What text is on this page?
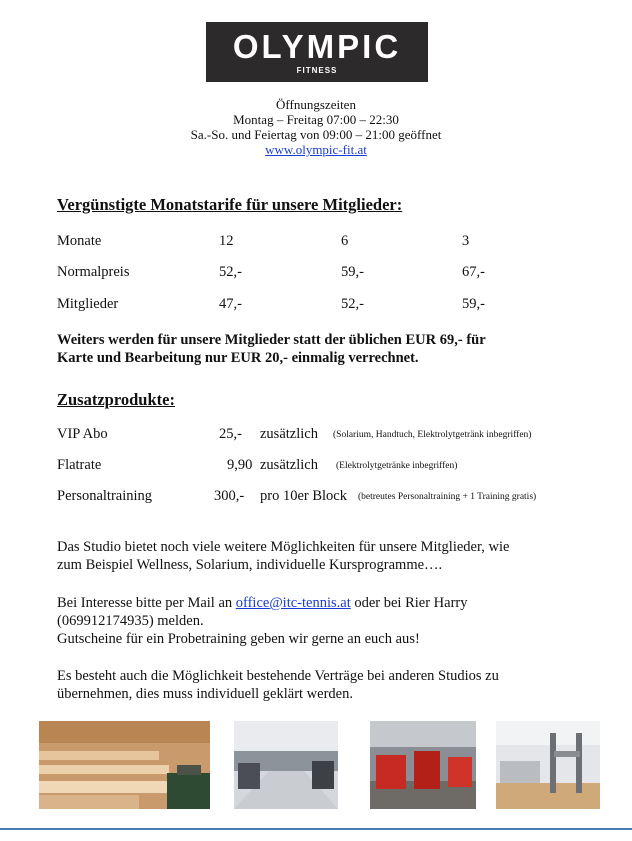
OLYMPIC
FITNESS
Öffnungszeiten
Montag – Freitag 07:00 – 22:30
Sa.-So. und Feiertag von 09:00 – 21:00 geöffnet
www.olympic-fit.at
Vergünstigte Monatstarife für unsere Mitglieder:
Monate	12	6	3
Normalpreis	52,-	59,-	67,-
Mitglieder	47,-	52,-	59,-
Weiters werden für unsere Mitglieder statt der üblichen EUR 69,- für
Karte und Bearbeitung nur EUR 20,- einmalig verrechnet.
Zusatzprodukte:
VIP Abo	25,- zusätzlich (Solarium, Handtuch, Elektrolytgetränk inbegriffen)
Flatrate	9,90 zusätzlich (Elektrolytgetränke inbegriffen)
Personaltraining	300,- pro 10er Block (betreutes Personaltraining + 1 Training gratis)
Das Studio bietet noch viele weitere Möglichkeiten für unsere Mitglieder, wie
zum Beispiel Wellness, Solarium, individuelle Kursprogramme….
Bei Interesse bitte per Mail an office@itc-tennis.at oder bei Rier Harry
(069912174935) melden.
Gutscheine für ein Probetraining geben wir gerne an euch aus!
Es besteht auch die Möglichkeit bestehende Verträge bei anderen Studios zu
übernehmen, dies muss individuell geklärt werden.
